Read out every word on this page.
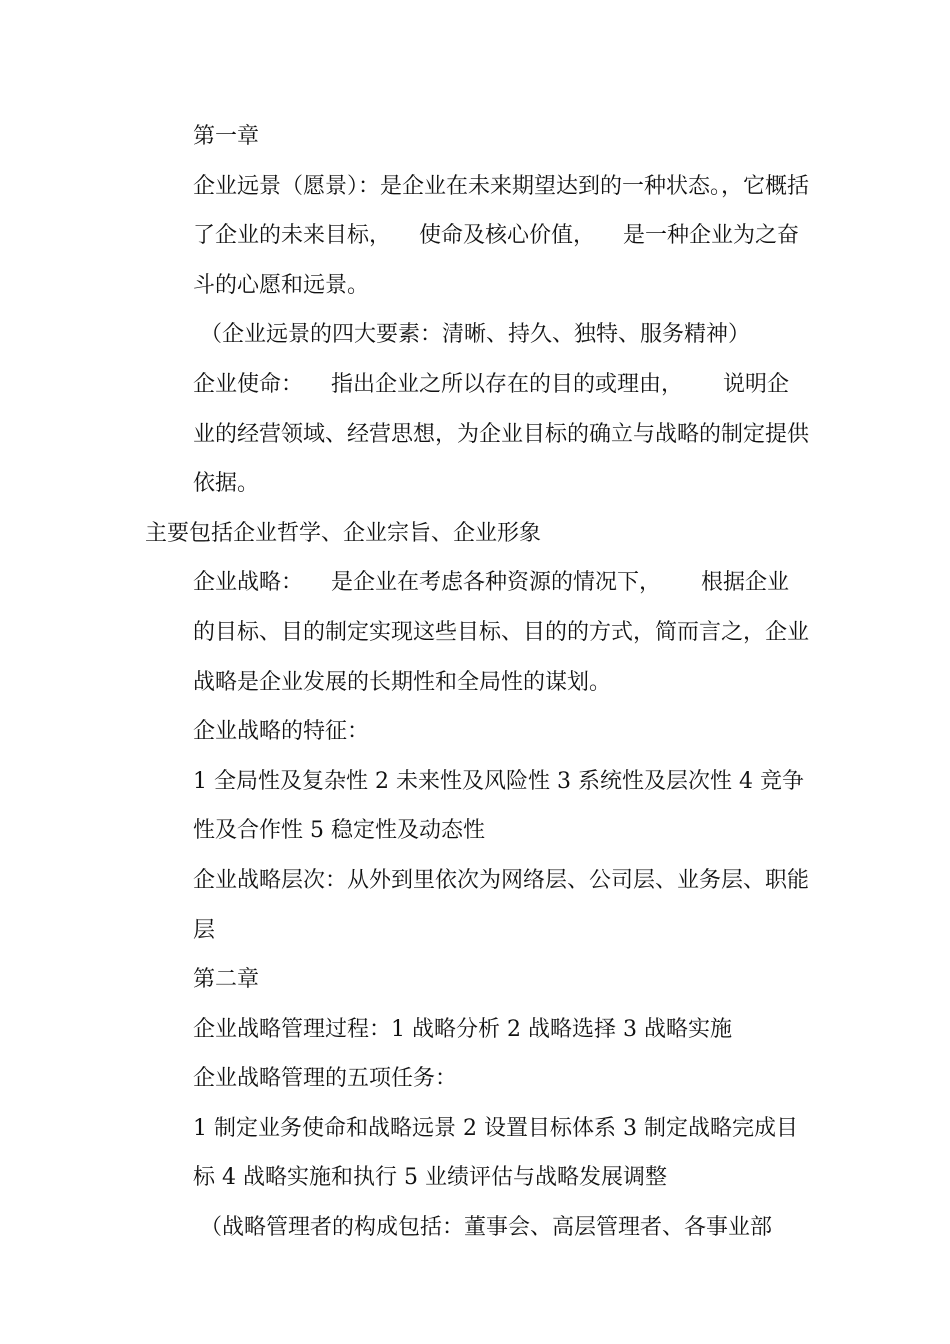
第一章

企业远景（愿景）：是企业在未来期望达到的一种状态。，它概括了企业的未来目标， 使命及核心价值， 是一种企业为之奋斗的心愿和远景。

（企业远景的四大要素：清晰、持久、独特、服务精神）

企业使命： 指出企业之所以存在的目的或理由， 说明企业的经营领域、经营思想，为企业目标的确立与战略的制定提供依据。

主要包括企业哲学、企业宗旨、企业形象

企业战略： 是企业在考虑各种资源的情况下， 根据企业的目标、目的制定实现这些目标、目的的方式，简而言之，企业战略是企业发展的长期性和全局性的谋划。

企业战略的特征：

1 全局性及复杂性 2 未来性及风险性 3 系统性及层次性 4 竞争性及合作性 5 稳定性及动态性

企业战略层次：从外到里依次为网络层、公司层、业务层、职能层

第二章

企业战略管理过程：1 战略分析 2 战略选择 3 战略实施

企业战略管理的五项任务：

1 制定业务使命和战略远景 2 设置目标体系 3 制定战略完成目标 4 战略实施和执行 5 业绩评估与战略发展调整

（战略管理者的构成包括：董事会、高层管理者、各事业部
